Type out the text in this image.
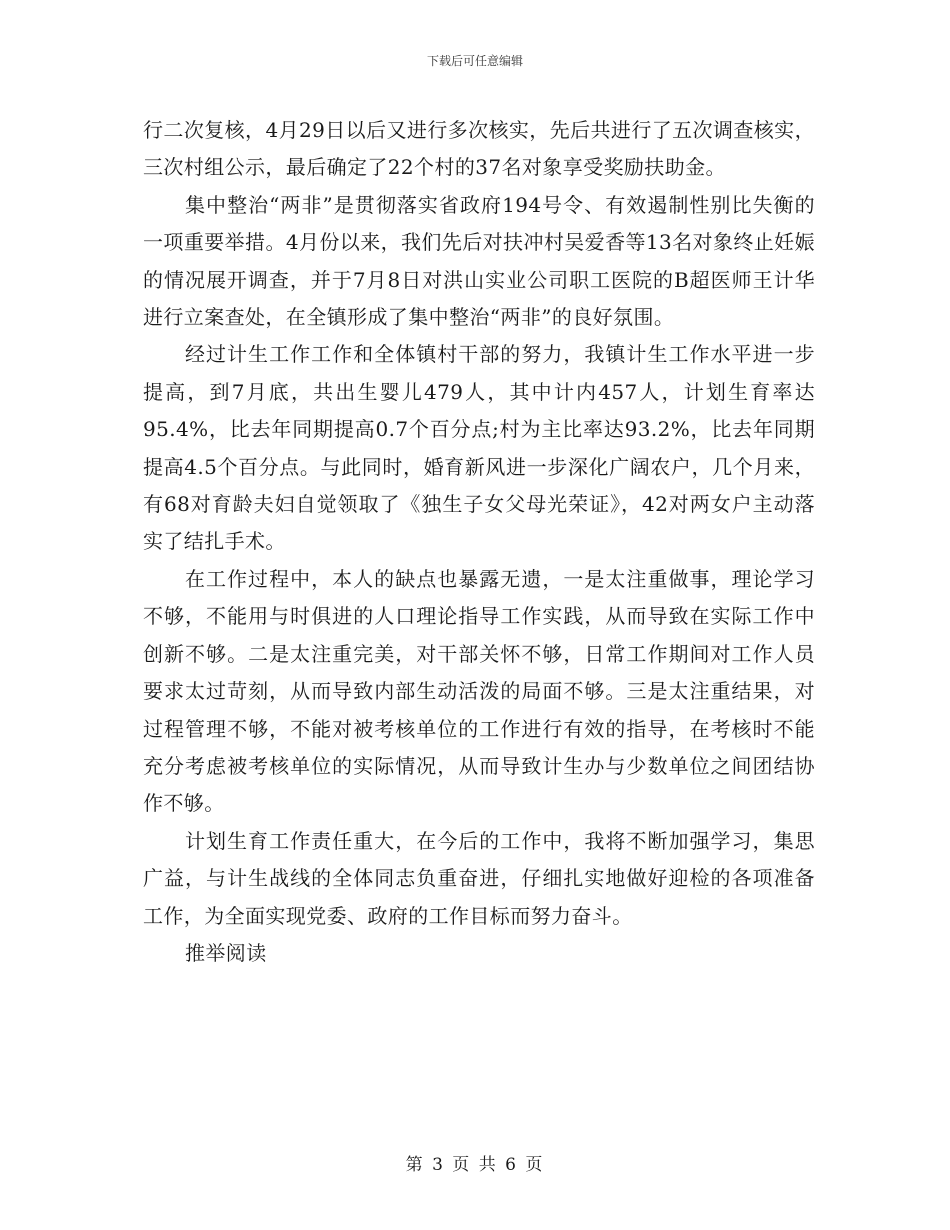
下载后可任意编辑

行二次复核，4月29日以后又进行多次核实，先后共进行了五次调查核实，三次村组公示，最后确定了22个村的37名对象享受奖励扶助金。

集中整治“两非”是贯彻落实省政府194号令、有效遏制性别比失衡的一项重要举措。4月份以来，我们先后对扶冲村吴爱香等13名对象终止妊娠的情况展开调查，并于7月8日对洪山实业公司职工医院的B超医师王计华进行立案查处，在全镇形成了集中整治“两非”的良好氛围。

经过计生工作工作和全体镇村干部的努力，我镇计生工作水平进一步提高，到7月底，共出生婴儿479人，其中计内457人，计划生育率达95.4%，比去年同期提高0.7个百分点;村为主比率达93.2%，比去年同期提高4.5个百分点。与此同时，婚育新风进一步深化广阔农户，几个月来，有68对育龄夫妇自觉领取了《独生子女父母光荣证》，42对两女户主动落实了结扎手术。

在工作过程中，本人的缺点也暴露无遗，一是太注重做事，理论学习不够，不能用与时俱进的人口理论指导工作实践，从而导致在实际工作中创新不够。二是太注重完美，对干部关怀不够，日常工作期间对工作人员要求太过苛刻，从而导致内部生动活泼的局面不够。三是太注重结果，对过程管理不够，不能对被考核单位的工作进行有效的指导，在考核时不能充分考虑被考核单位的实际情况，从而导致计生办与少数单位之间团结协作不够。

计划生育工作责任重大，在今后的工作中，我将不断加强学习，集思广益，与计生战线的全体同志负重奋进，仔细扎实地做好迎检的各项准备工作，为全面实现党委、政府的工作目标而努力奋斗。

推举阅读

第 3 页 共 6 页
